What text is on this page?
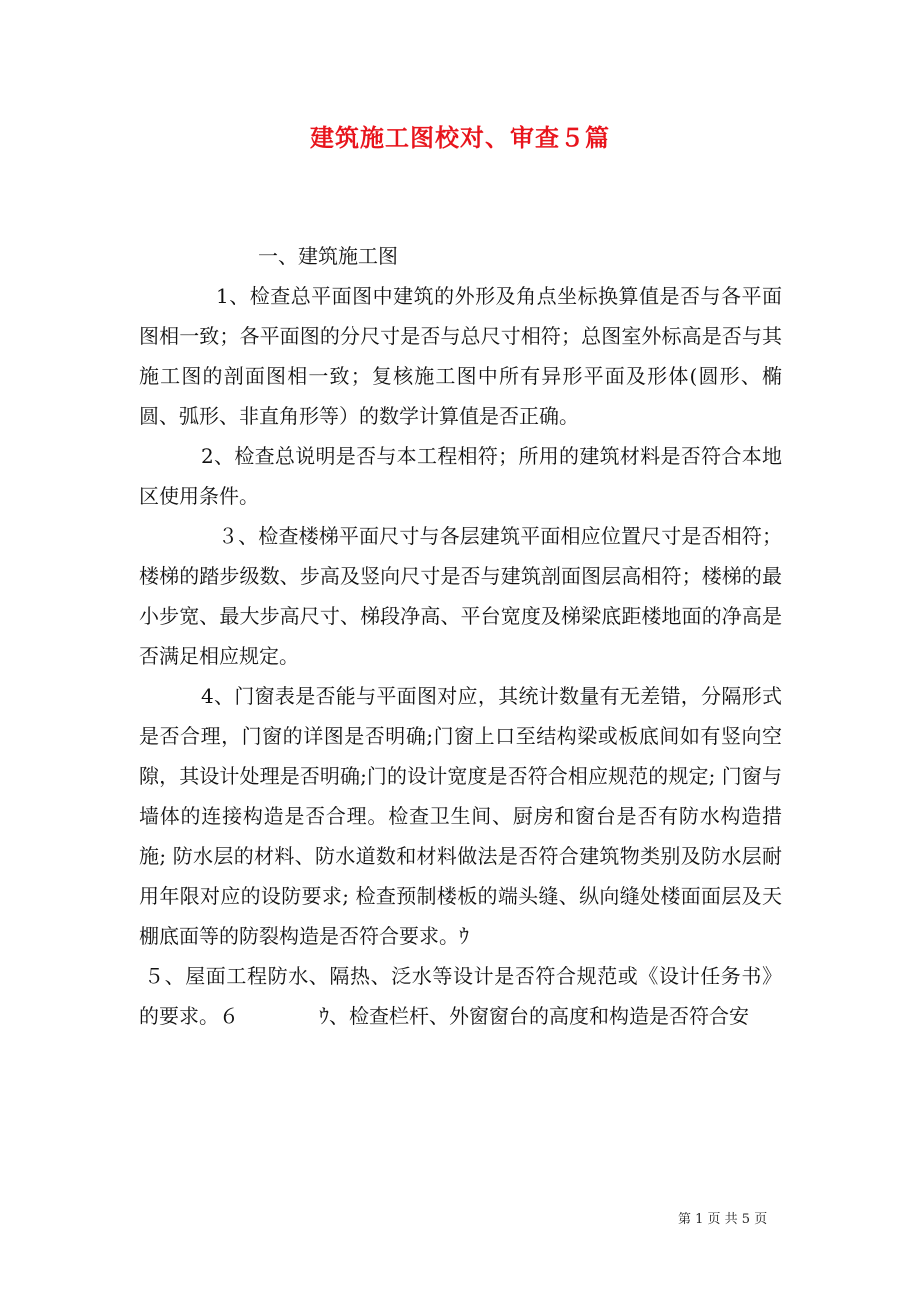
建筑施工图校对、审查５篇

一、建筑施工图

1、检查总平面图中建筑的外形及角点坐标换算值是否与各平面图相一致；各平面图的分尺寸是否与总尺寸相符；总图室外标高是否与其施工图的剖面图相一致；复核施工图中所有异形平面及形体(圆形、椭圆、弧形、非直角形等）的数学计算值是否正确。

2、检查总说明是否与本工程相符；所用的建筑材料是否符合本地区使用条件。

３、检查楼梯平面尺寸与各层建筑平面相应位置尺寸是否相符；楼梯的踏步级数、步高及竖向尺寸是否与建筑剖面图层高相符；楼梯的最小步宽、最大步高尺寸、梯段净高、平台宽度及梯梁底距楼地面的净高是否满足相应规定。

4、门窗表是否能与平面图对应，其统计数量有无差错，分隔形式是否合理，门窗的详图是否明确;门窗上口至结构梁或板底间如有竖向空隙，其设计处理是否明确;门的设计宽度是否符合相应规范的规定; 门窗与墙体的连接构造是否合理。检查卫生间、厨房和窗台是否有防水构造措施; 防水层的材料、防水道数和材料做法是否符合建筑物类别及防水层耐用年限对应的设防要求; 检查预制楼板的端头缝、纵向缝处楼面面层及天棚底面等的防裂构造是否符合要求。ｳ

５、屋面工程防水、隔热、泛水等设计是否符合规范或《设计任务书》的要求。６　　　　ｳ、检查栏杆、外窗窗台的高度和构造是否符合安

第 1 页 共 5 页
